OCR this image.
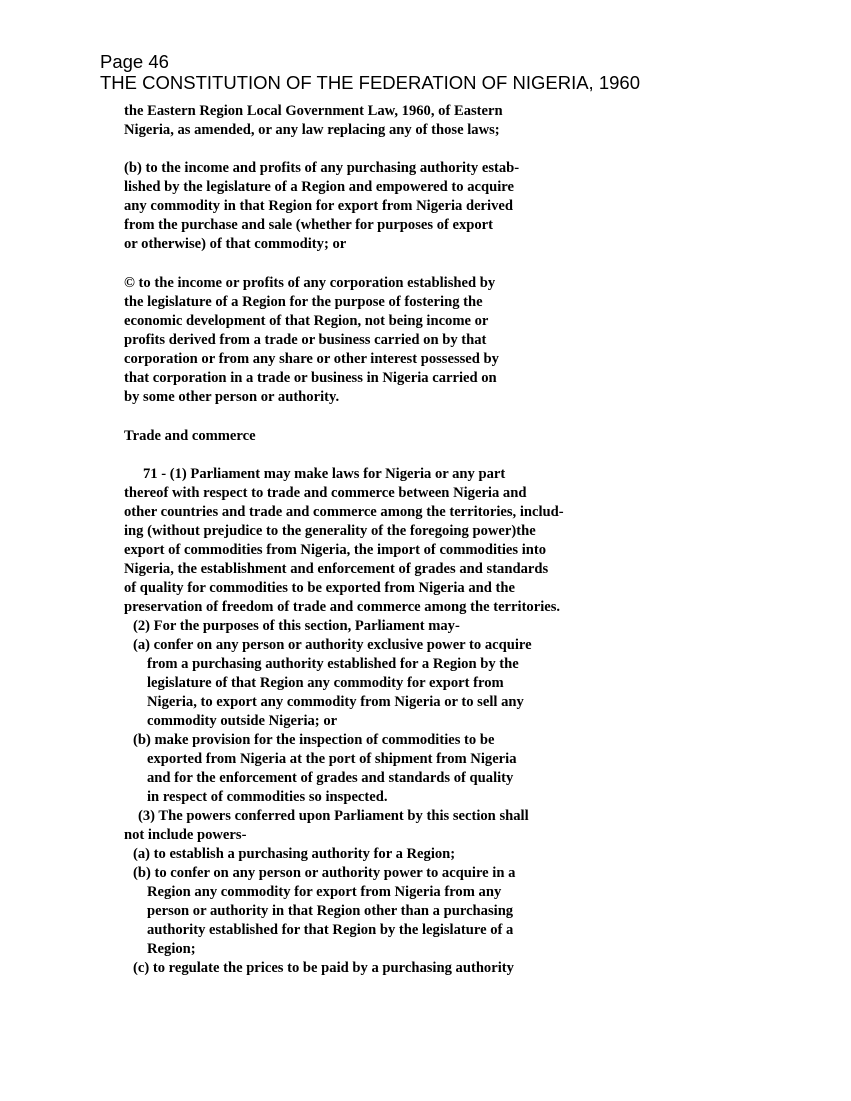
Page 46
THE CONSTITUTION OF THE FEDERATION OF NIGERIA, 1960
the Eastern Region Local Government Law, 1960, of Eastern
Nigeria, as amended, or any law replacing any of those laws;
(b) to the income and profits of any purchasing authority estab-
lished by the legislature of a Region and empowered to acquire
any commodity in that Region for export from Nigeria derived
from the purchase and sale (whether for purposes of export
or otherwise) of that commodity; or
© to the income or profits of any corporation established by
the legislature of a Region for the purpose of fostering the
economic development of that Region, not being income or
profits derived from a trade or business carried on by that
corporation or from any share or other interest possessed by
that corporation in a trade or business in Nigeria carried on
by some other person or authority.
Trade and commerce
71 - (1) Parliament may make laws for Nigeria or any part
thereof with respect to trade and commerce between Nigeria and
other countries and trade and commerce among the territories, includ-
ing (without prejudice to the generality of the foregoing power)the
export of commodities from Nigeria, the import of commodities into
Nigeria, the establishment and enforcement of grades and standards
of quality for commodities to be exported from Nigeria and the
preservation of freedom of trade and commerce among the territories.
(2) For the purposes of this section, Parliament may-
(a) confer on any person or authority exclusive power to acquire
from a purchasing authority established for a Region by the
legislature of that Region any commodity for export from
Nigeria, to export any commodity from Nigeria or to sell any
commodity outside Nigeria; or
(b) make provision for the inspection of commodities to be
exported from Nigeria at the port of shipment from Nigeria
and for the enforcement of grades and standards of quality
in respect of commodities so inspected.
(3) The powers conferred upon Parliament by this section shall
not include powers-
(a) to establish a purchasing authority for a Region;
(b) to confer on any person or authority power to acquire in a
Region any commodity for export from Nigeria from any
person or authority in that Region other than a purchasing
authority established for that Region by the legislature of a
Region;
(c) to regulate the prices to be paid by a purchasing authority
